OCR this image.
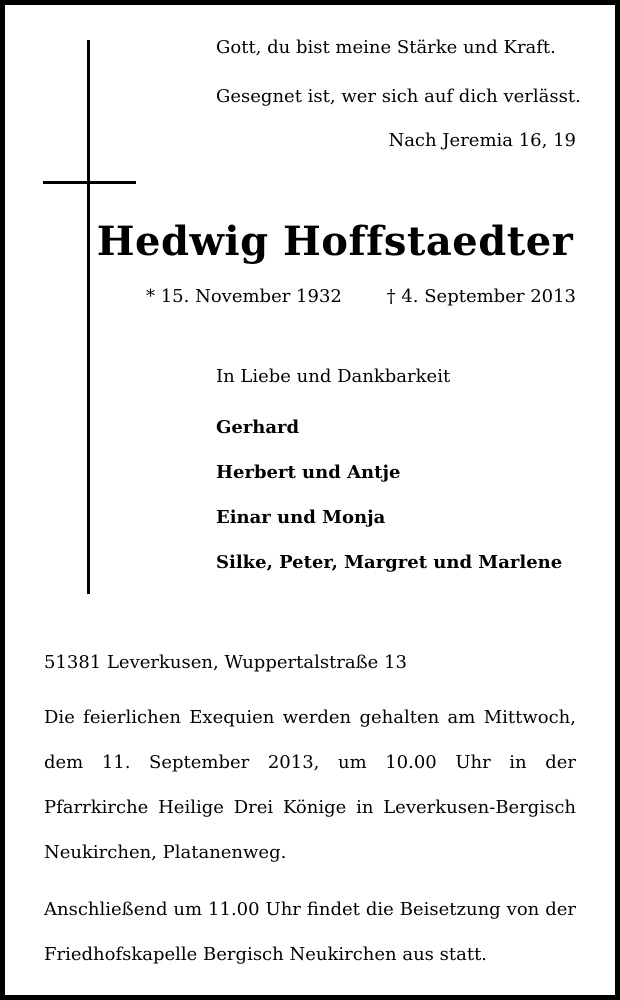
Gott, du bist meine Stärke und Kraft.
Gesegnet ist, wer sich auf dich verlässt.
Nach Jeremia 16, 19
Hedwig Hoffstaedter
* 15. November 1932 † 4. September 2013
In Liebe und Dankbarkeit
Gerhard
Herbert und Antje
Einar und Monja
Silke, Peter, Margret und Marlene
51381 Leverkusen, Wuppertalstraße 13
Die feierlichen Exequien werden gehalten am Mittwoch, dem 11. September 2013, um 10.00 Uhr in der Pfarrkirche Heilige Drei Könige in Leverkusen-Bergisch Neukirchen, Platanenweg.
Anschließend um 11.00 Uhr findet die Beisetzung von der Friedhofskapelle Bergisch Neukirchen aus statt.
